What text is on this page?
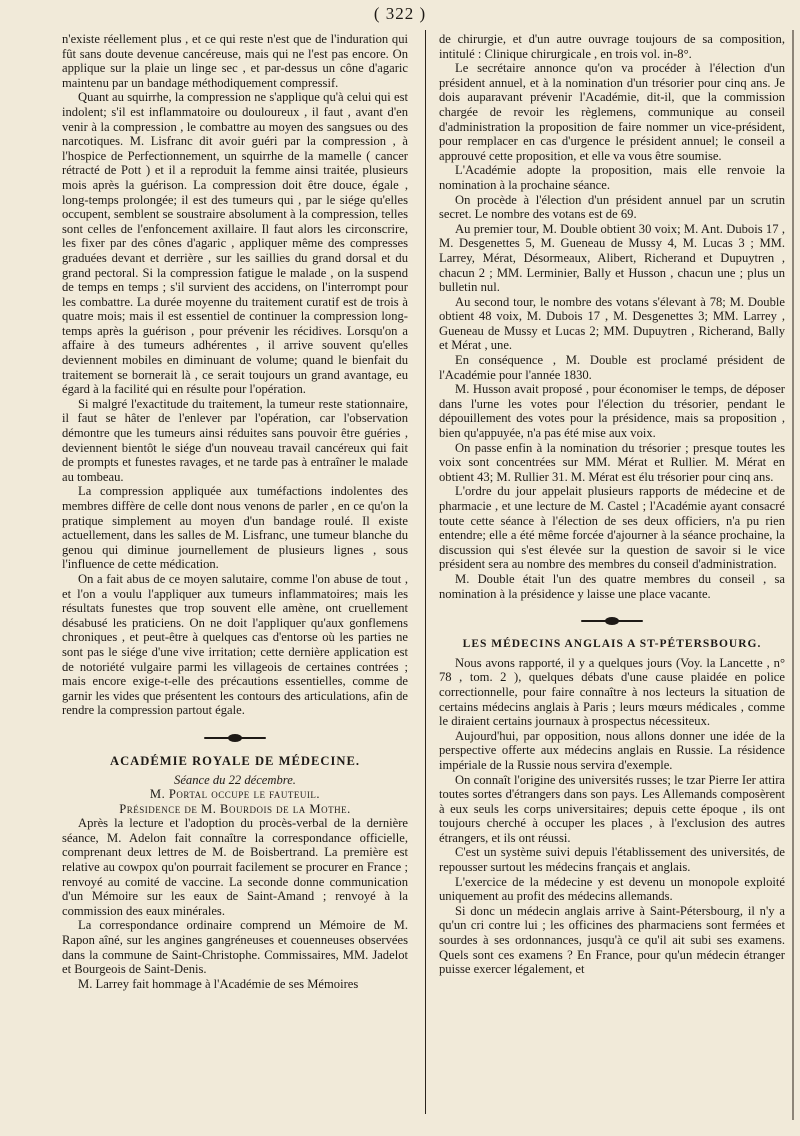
( 322 )

n'existe réellement plus , et ce qui reste n'est que de l'induration qui fût sans doute devenue cancéreuse, mais qui ne l'est pas encore. On applique sur la plaie un linge sec , et par-dessus un cône d'agaric maintenu par un bandage méthodiquement compressif.

Quant au squirrhe, la compression ne s'applique qu'à celui qui est indolent; s'il est inflammatoire ou douloureux , il faut , avant d'en venir à la compression , le combattre au moyen des sangsues ou des narcotiques. M. Lisfranc dit avoir guéri par la compression , à l'hospice de Perfectionnement, un squirrhe de la mamelle ( cancer rétracté de Pott ) et il a reproduit la femme ainsi traitée, plusieurs mois après la guérison. La compression doit être douce, égale , long-temps prolongée; il est des tumeurs qui , par le siége qu'elles occupent, semblent se soustraire absolument à la compression, telles sont celles de l'enfoncement axillaire. Il faut alors les circonscrire, les fixer par des cônes d'agaric , appliquer même des compresses graduées devant et derrière , sur les saillies du grand dorsal et du grand pectoral. Si la compression fatigue le malade , on la suspend de temps en temps ; s'il survient des accidens, on l'interrompt pour les combattre. La durée moyenne du traitement curatif est de trois à quatre mois; mais il est essentiel de continuer la compression long-temps après la guérison , pour prévenir les récidives. Lorsqu'on a affaire à des tumeurs adhérentes , il arrive souvent qu'elles deviennent mobiles en diminuant de volume; quand le bienfait du traitement se bornerait là , ce serait toujours un grand avantage, eu égard à la facilité qui en résulte pour l'opération.

Si malgré l'exactitude du traitement, la tumeur reste stationnaire, il faut se hâter de l'enlever par l'opération, car l'observation démontre que les tumeurs ainsi réduites sans pouvoir être guéries , deviennent bientôt le siége d'un nouveau travail cancéreux qui fait de prompts et funestes ravages, et ne tarde pas à entraîner le malade au tombeau.

La compression appliquée aux tuméfactions indolentes des membres diffère de celle dont nous venons de parler , en ce qu'on la pratique simplement au moyen d'un bandage roulé. Il existe actuellement, dans les salles de M. Lisfranc, une tumeur blanche du genou qui diminue journellement de plusieurs lignes , sous l'influence de cette médication.

On a fait abus de ce moyen salutaire, comme l'on abuse de tout , et l'on a voulu l'appliquer aux tumeurs inflammatoires; mais les résultats funestes que trop souvent elle amène, ont cruellement désabusé les praticiens. On ne doit l'appliquer qu'aux gonflemens chroniques , et peut-être à quelques cas d'entorse où les parties ne sont pas le siége d'une vive irritation; cette dernière application est de notoriété vulgaire parmi les villageois de certaines contrées ; mais encore exige-t-elle des précautions essentielles, comme de garnir les vides que présentent les contours des articulations, afin de rendre la compression partout égale.

ACADÉMIE ROYALE DE MÉDECINE.

Séance du 22 décembre.

M. Portal occupe le fauteuil.

Présidence de M. Bourdois de la Mothe.

Après la lecture et l'adoption du procès-verbal de la dernière séance, M. Adelon fait connaître la correspondance officielle, comprenant deux lettres de M. de Boisbertrand. La première est relative au cowpox qu'on pourrait facilement se procurer en France ; renvoyé au comité de vaccine. La seconde donne communication d'un Mémoire sur les eaux de Saint-Amand ; renvoyé à la commission des eaux minérales.

La correspondance ordinaire comprend un Mémoire de M. Rapon aîné, sur les angines gangréneuses et couenneuses observées dans la commune de Saint-Christophe. Commissaires, MM. Jadelot et Bourgeois de Saint-Denis.

M. Larrey fait hommage à l'Académie de ses Mémoires

de chirurgie, et d'un autre ouvrage toujours de sa composition, intitulé : Clinique chirurgicale , en trois vol. in-8°.

Le secrétaire annonce qu'on va procéder à l'élection d'un président annuel, et à la nomination d'un trésorier pour cinq ans. Je dois auparavant prévenir l'Académie, dit-il, que la commission chargée de revoir les règlemens, communique au conseil d'administration la proposition de faire nommer un vice-président, pour remplacer en cas d'urgence le président annuel; le conseil a approuvé cette proposition, et elle va vous être soumise.

L'Académie adopte la proposition, mais elle renvoie la nomination à la prochaine séance.

On procède à l'élection d'un président annuel par un scrutin secret. Le nombre des votans est de 69.

Au premier tour, M. Double obtient 30 voix; M. Ant. Dubois 17 , M. Desgenettes 5, M. Gueneau de Mussy 4, M. Lucas 3 ; MM. Larrey, Mérat, Désormeaux, Alibert, Richerand et Dupuytren , chacun 2 ; MM. Lerminier, Bally et Husson , chacun une ; plus un bulletin nul.

Au second tour, le nombre des votans s'élevant à 78; M. Double obtient 48 voix, M. Dubois 17 , M. Desgenettes 3; MM. Larrey , Gueneau de Mussy et Lucas 2; MM. Dupuytren , Richerand, Bally et Mérat , une.

En conséquence , M. Double est proclamé président de l'Académie pour l'année 1830.

M. Husson avait proposé , pour économiser le temps, de déposer dans l'urne les votes pour l'élection du trésorier, pendant le dépouillement des votes pour la présidence, mais sa proposition , bien qu'appuyée, n'a pas été mise aux voix.

On passe enfin à la nomination du trésorier ; presque toutes les voix sont concentrées sur MM. Mérat et Rullier. M. Mérat en obtient 43; M. Rullier 31. M. Mérat est élu trésorier pour cinq ans.

L'ordre du jour appelait plusieurs rapports de médecine et de pharmacie , et une lecture de M. Castel ; l'Académie ayant consacré toute cette séance à l'élection de ses deux officiers, n'a pu rien entendre; elle a été même forcée d'ajourner à la séance prochaine, la discussion qui s'est élevée sur la question de savoir si le vice président sera au nombre des membres du conseil d'administration.

M. Double était l'un des quatre membres du conseil , sa nomination à la présidence y laisse une place vacante.

LES MÉDECINS ANGLAIS A ST-PÉTERSBOURG.

Nous avons rapporté, il y a quelques jours (Voy. la Lancette , n° 78 , tom. 2 ), quelques débats d'une cause plaidée en police correctionnelle, pour faire connaître à nos lecteurs la situation de certains médecins anglais à Paris ; leurs mœurs médicales , comme le diraient certains journaux à prospectus nécessiteux.

Aujourd'hui, par opposition, nous allons donner une idée de la perspective offerte aux médecins anglais en Russie. La résidence impériale de la Russie nous servira d'exemple.

On connaît l'origine des universités russes; le tzar Pierre Ier attira toutes sortes d'étrangers dans son pays. Les Allemands composèrent à eux seuls les corps universitaires; depuis cette époque , ils ont toujours cherché à occuper les places , à l'exclusion des autres étrangers, et ils ont réussi.

C'est un système suivi depuis l'établissement des universités, de repousser surtout les médecins français et anglais.

L'exercice de la médecine y est devenu un monopole exploité uniquement au profit des médecins allemands.

Si donc un médecin anglais arrive à Saint-Pétersbourg, il n'y a qu'un cri contre lui ; les officines des pharmaciens sont fermées et sourdes à ses ordonnances, jusqu'à ce qu'il ait subi ses examens. Quels sont ces examens ? En France, pour qu'un médecin étranger puisse exercer légalement, et
